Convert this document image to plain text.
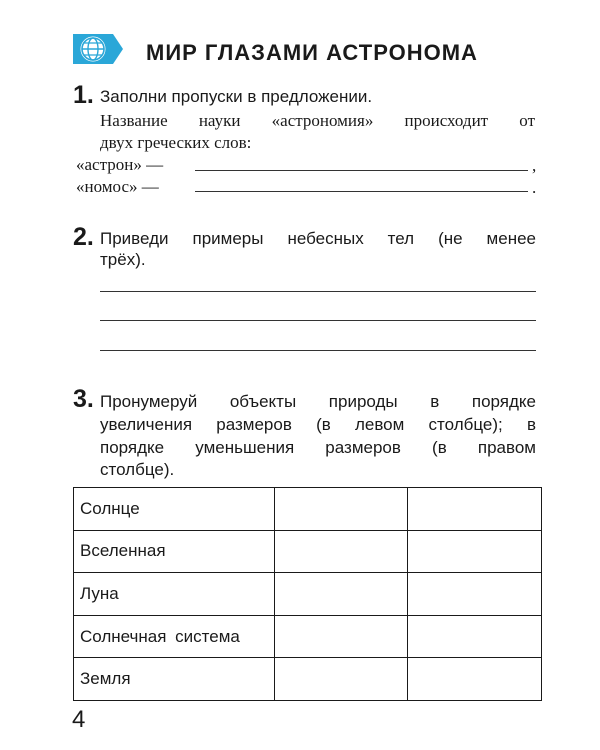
МИР ГЛАЗАМИ АСТРОНОМА
1. Заполни пропуски в предложении.
Название науки «астрономия» происходит от
двух греческих слов:
«астрон» —	,
«номос» —	.
2. Приведи примеры небесных тел (не менее
трёх).
3. Пронумеруй объекты природы в порядке
увеличения размеров (в левом столбце); в
порядке уменьшения размеров (в правом
столбце).
Солнце		
Вселенная		
Луна		
Солнечная система		
Земля		
4
